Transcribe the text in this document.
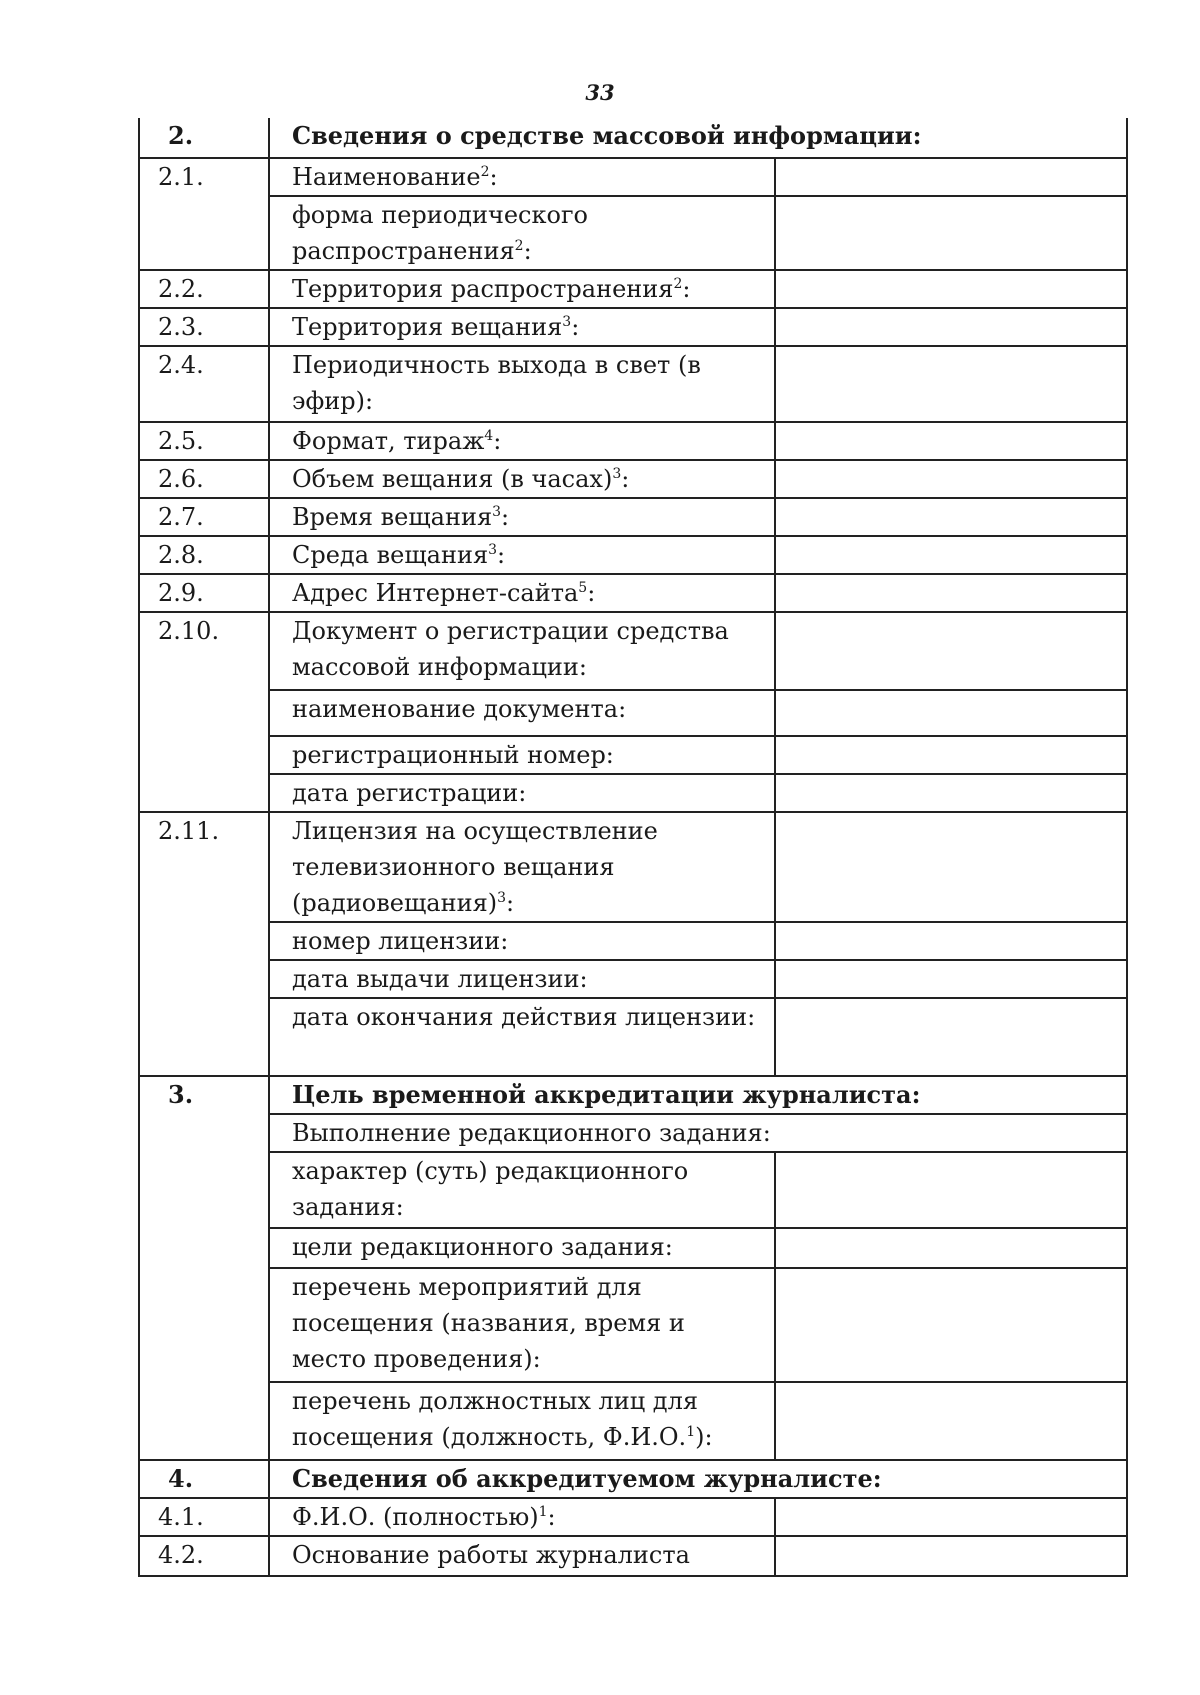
33
2.	Сведения о средстве массовой информации:	
2.1.	Наименование$^2$:	
	форма периодического распространения$^2$:	
2.2.	Территория распространения$^2$:	
2.3.	Территория вещания$^3$:	
2.4.	Периодичность выхода в свет (в эфир):	
2.5.	Формат, тираж$^4$:	
2.6.	Объем вещания (в часах)$^3$:	
2.7.	Время вещания$^3$:	
2.8.	Среда вещания$^3$:	
2.9.	Адрес Интернет-сайта$^5$:	
2.10.	Документ о регистрации средства массовой информации:	
	наименование документа:	
	регистрационный номер:	
	дата регистрации:	
2.11.	Лицензия на осуществление телевизионного вещания (радиовещания)$^3$:	
	номер лицензии:	
	дата выдачи лицензии:	
	дата окончания действия лицензии:	
3.	Цель временной аккредитации журналиста:	
	Выполнение редакционного задания:	
	характер (суть) редакционного задания:	
	цели редакционного задания:	
	перечень мероприятий для посещения (названия, время и место проведения):	
	перечень должностных лиц для посещения (должность, Ф.И.О.$^1$):	
4.	Сведения об аккредитуемом журналисте:	
4.1.	Ф.И.О. (полностью)$^1$:	
4.2.	Основание работы журналиста	
